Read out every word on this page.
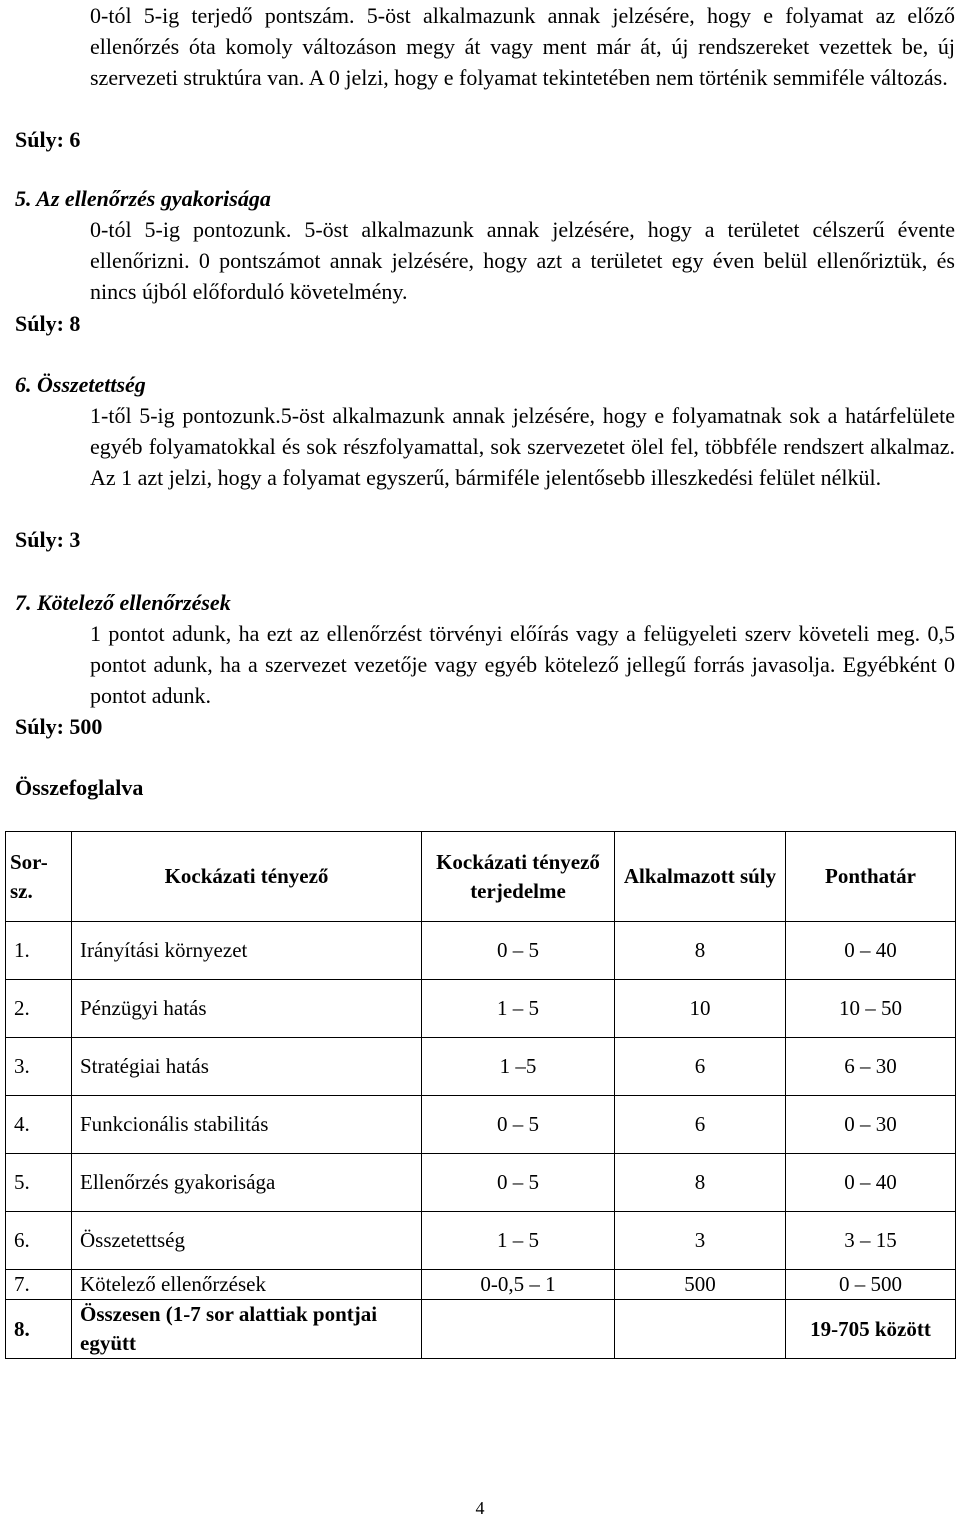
0-tól 5-ig terjedő pontszám. 5-öst alkalmazunk annak jelzésére, hogy e folyamat az előző ellenőrzés óta komoly változáson megy át vagy ment már át, új rendszereket vezettek be, új szervezeti struktúra van. A 0 jelzi, hogy e folyamat tekintetében nem történik semmiféle változás.

Súly: 6

5. Az ellenőrzés gyakorisága

0-tól 5-ig pontozunk. 5-öst alkalmazunk annak jelzésére, hogy a területet célszerű évente ellenőrizni. 0 pontszámot annak jelzésére, hogy azt a területet egy éven belül ellenőriztük, és nincs újból előforduló követelmény.

Súly: 8

6. Összetettség

1-től 5-ig pontozunk.5-öst alkalmazunk annak jelzésére, hogy e folyamatnak sok a határfelülete egyéb folyamatokkal és sok részfolyamattal, sok szervezetet ölel fel, többféle rendszert alkalmaz. Az 1 azt jelzi, hogy a folyamat egyszerű, bármiféle jelentősebb illeszkedési felület nélkül.

Súly: 3

7. Kötelező ellenőrzések

1 pontot adunk, ha ezt az ellenőrzést törvényi előírás vagy a felügyeleti szerv követeli meg. 0,5 pontot adunk, ha a szervezet vezetője vagy egyéb kötelező jellegű forrás javasolja. Egyébként 0 pontot adunk.

Súly: 500

Összefoglalva

Sor-sz.	Kockázati tényező	Kockázati tényező terjedelme	Alkalmazott súly	Ponthatár
1.	Irányítási környezet	0 – 5	8	0 – 40
2.	Pénzügyi hatás	1 – 5	10	10 – 50
3.	Stratégiai hatás	1 –5	6	6 – 30
4.	Funkcionális stabilitás	0 – 5	6	0 – 30
5.	Ellenőrzés gyakorisága	0 – 5	8	0 – 40
6.	Összetettség	1 – 5	3	3 – 15
7.	Kötelező ellenőrzések	0-0,5 – 1	500	0 – 500
8.	Összesen (1-7 sor alattiak pontjai együtt			19-705 között
4
